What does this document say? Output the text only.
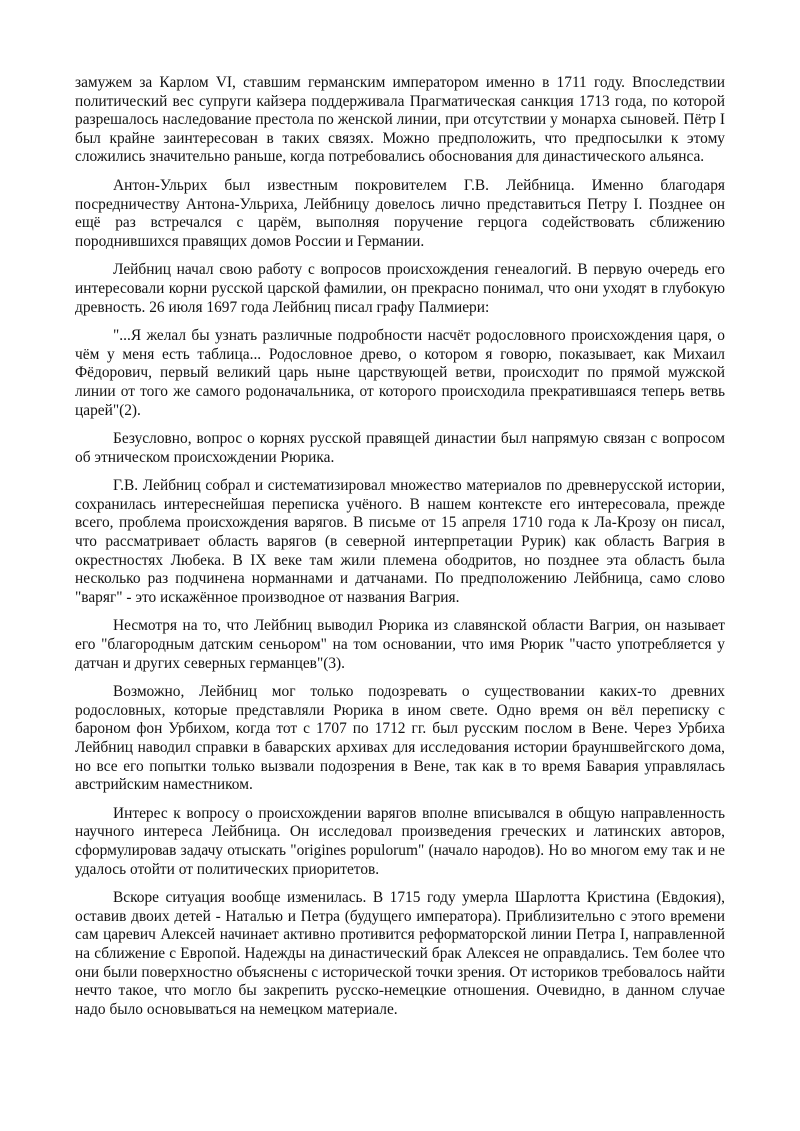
замужем за Карлом VI, ставшим германским императором именно в 1711 году. Впоследствии политический вес супруги кайзера поддерживала Прагматическая санкция 1713 года, по которой разрешалось наследование престола по женской линии, при отсутствии у монарха сыновей. Пётр I был крайне заинтересован в таких связях. Можно предположить, что предпосылки к этому сложились значительно раньше, когда потребовались обоснования для династического альянса.

Антон-Ульрих был известным покровителем Г.В. Лейбница. Именно благодаря посредничеству Антона-Ульриха, Лейбницу довелось лично представиться Петру I. Позднее он ещё раз встречался с царём, выполняя поручение герцога содействовать сближению породнившихся правящих домов России и Германии.

Лейбниц начал свою работу с вопросов происхождения генеалогий. В первую очередь его интересовали корни русской царской фамилии, он прекрасно понимал, что они уходят в глубокую древность. 26 июля 1697 года Лейбниц писал графу Палмиери:

"...Я желал бы узнать различные подробности насчёт родословного происхождения царя, о чём у меня есть таблица... Родословное древо, о котором я говорю, показывает, как Михаил Фёдорович, первый великий царь ныне царствующей ветви, происходит по прямой мужской линии от того же самого родоначальника, от которого происходила прекратившаяся теперь ветвь царей"(2).

Безусловно, вопрос о корнях русской правящей династии был напрямую связан с вопросом об этническом происхождении Рюрика.

Г.В. Лейбниц собрал и систематизировал множество материалов по древнерусской истории, сохранилась интереснейшая переписка учёного. В нашем контексте его интересовала, прежде всего, проблема происхождения варягов. В письме от 15 апреля 1710 года к Ла-Крозу он писал, что рассматривает область варягов (в северной интерпретации Рурик) как область Вагрия в окрестностях Любека. В IX веке там жили племена ободритов, но позднее эта область была несколько раз подчинена норманнами и датчанами. По предположению Лейбница, само слово "варяг" - это искажённое производное от названия Вагрия.

Несмотря на то, что Лейбниц выводил Рюрика из славянской области Вагрия, он называет его "благородным датским сеньором" на том основании, что имя Рюрик "часто употребляется у датчан и других северных германцев"(3).

Возможно, Лейбниц мог только подозревать о существовании каких-то древних родословных, которые представляли Рюрика в ином свете. Одно время он вёл переписку с бароном фон Урбихом, когда тот с 1707 по 1712 гг. был русским послом в Вене. Через Урбиха Лейбниц наводил справки в баварских архивах для исследования истории брауншвейгского дома, но все его попытки только вызвали подозрения в Вене, так как в то время Бавария управлялась австрийским наместником.

Интерес к вопросу о происхождении варягов вполне вписывался в общую направленность научного интереса Лейбница. Он исследовал произведения греческих и латинских авторов, сформулировав задачу отыскать "origines populorum" (начало народов). Но во многом ему так и не удалось отойти от политических приоритетов.

Вскоре ситуация вообще изменилась. В 1715 году умерла Шарлотта Кристина (Евдокия), оставив двоих детей - Наталью и Петра (будущего императора). Приблизительно с этого времени сам царевич Алексей начинает активно противится реформаторской линии Петра I, направленной на сближение с Европой. Надежды на династический брак Алексея не оправдались. Тем более что они были поверхностно объяснены с исторической точки зрения. От историков требовалось найти нечто такое, что могло бы закрепить русско-немецкие отношения. Очевидно, в данном случае надо было основываться на немецком материале.
